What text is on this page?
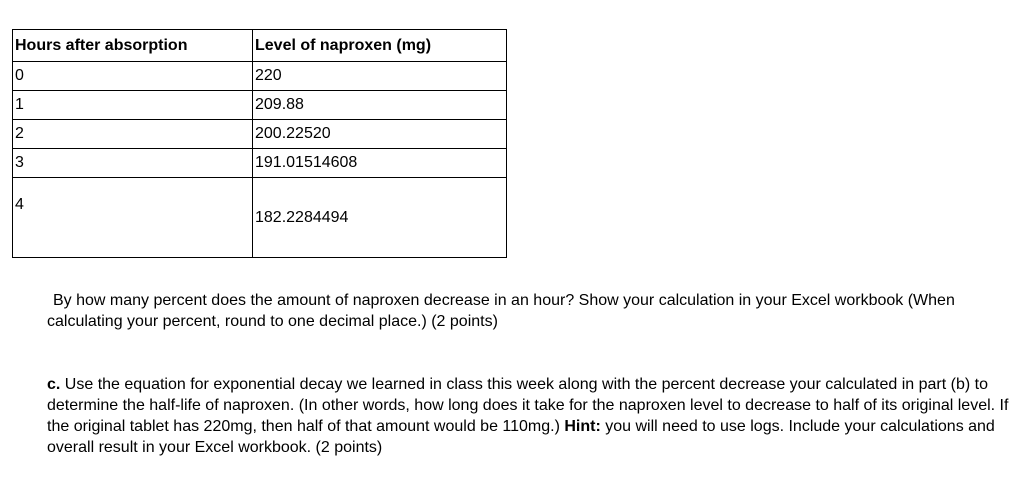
Hours after absorption	Level of naproxen (mg)
0	220
1	209.88
2	200.22520
3	191.01514608
4	182.2284494

By how many percent does the amount of naproxen decrease in an hour? Show your calculation in your Excel workbook (When calculating your percent, round to one decimal place.) (2 points)

c. Use the equation for exponential decay we learned in class this week along with the percent decrease your calculated in part (b) to determine the half-life of naproxen. (In other words, how long does it take for the naproxen level to decrease to half of its original level. If the original tablet has 220mg, then half of that amount would be 110mg.) Hint: you will need to use logs. Include your calculations and overall result in your Excel workbook. (2 points)
